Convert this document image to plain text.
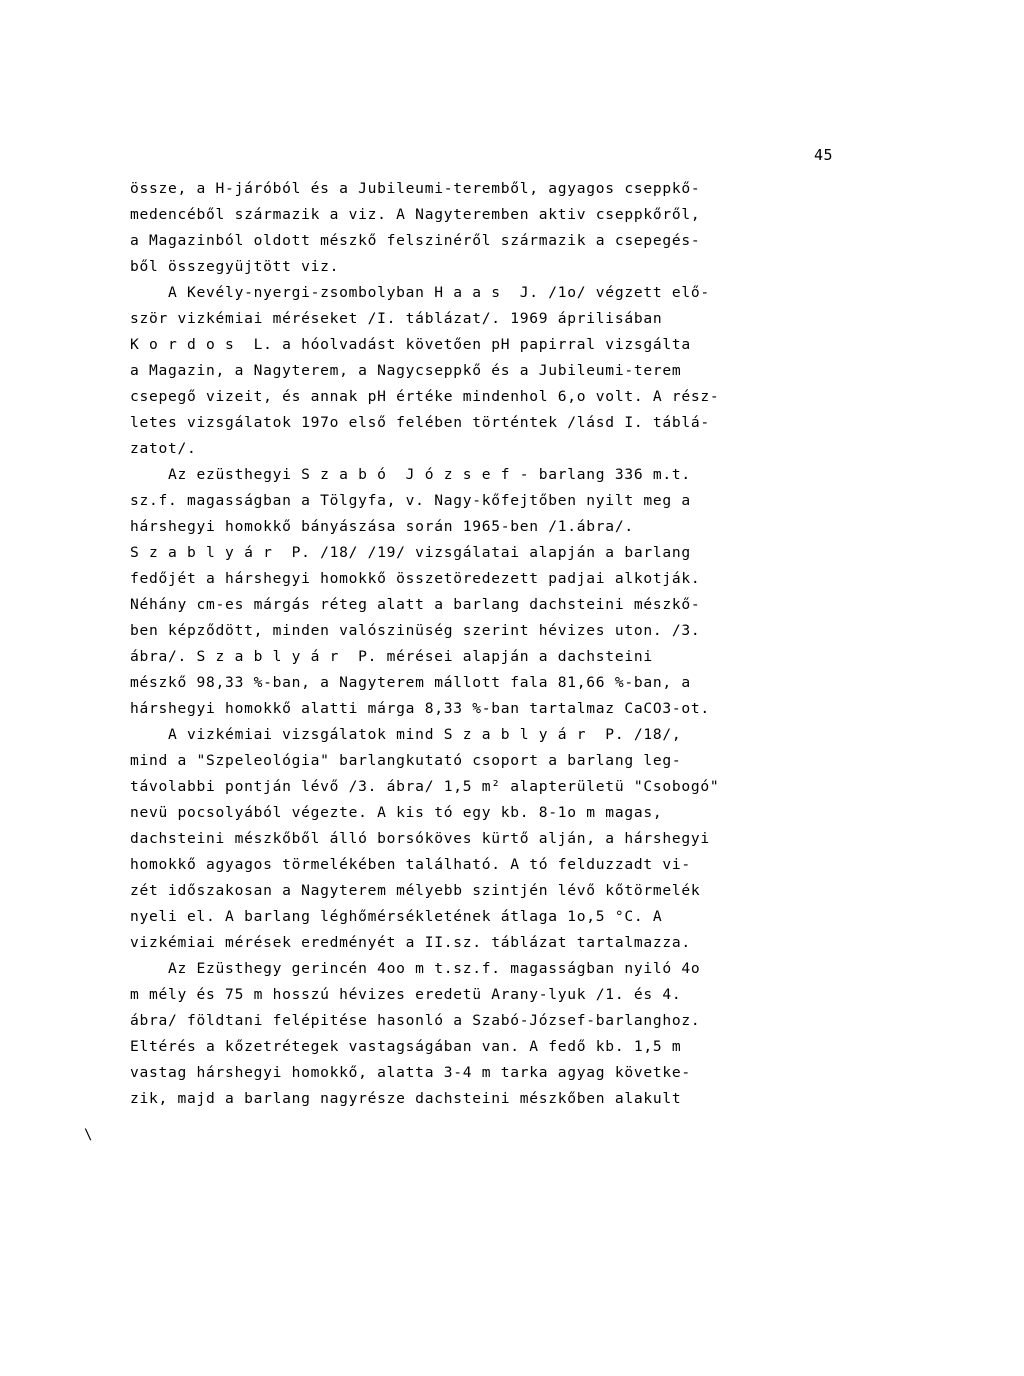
45
\
össze, a H-járóból és a Jubileumi-teremből, agyagos cseppkő-
medencéből származik a viz. A Nagyteremben aktiv cseppkőről,
a Magazinból oldott mészkő felszinéről származik a csepegés-
ből összegyüjtött viz.
A Kevély-nyergi-zsombolyban H a a s  J. /1o/ végzett elő-
ször vizkémiai méréseket /I. táblázat/. 1969 áprilisában
K o r d o s  L. a hóolvadást követően pH papirral vizsgálta
a Magazin, a Nagyterem, a Nagycseppkő és a Jubileumi-terem
csepegő vizeit, és annak pH értéke mindenhol 6,o volt. A rész-
letes vizsgálatok 197o első felében történtek /lásd I. táblá-
zatot/.
Az ezüsthegyi S z a b ó  J ó z s e f - barlang 336 m.t.
sz.f. magasságban a Tölgyfa, v. Nagy-kőfejtőben nyilt meg a
hárshegyi homokkő bányászása során 1965-ben /1.ábra/.
S z a b l y á r  P. /18/ /19/ vizsgálatai alapján a barlang
fedőjét a hárshegyi homokkő összetöredezett padjai alkotják.
Néhány cm-es márgás réteg alatt a barlang dachsteini mészkő-
ben képződött, minden valószinüség szerint hévizes uton. /3.
ábra/. S z a b l y á r  P. mérései alapján a dachsteini
mészkő 98,33 %-ban, a Nagyterem mállott fala 81,66 %-ban, a
hárshegyi homokkő alatti márga 8,33 %-ban tartalmaz CaCO3-ot.
A vizkémiai vizsgálatok mind S z a b l y á r  P. /18/,
mind a "Szpeleológia" barlangkutató csoport a barlang leg-
távolabbi pontján lévő /3. ábra/ 1,5 m² alapterületü "Csobogó"
nevü pocsolyából végezte. A kis tó egy kb. 8-1o m magas,
dachsteini mészkőből álló borsóköves kürtő alján, a hárshegyi
homokkő agyagos törmelékében található. A tó felduzzadt vi-
zét időszakosan a Nagyterem mélyebb szintjén lévő kőtörmelék
nyeli el. A barlang léghőmérsékletének átlaga 1o,5 °C. A
vizkémiai mérések eredményét a II.sz. táblázat tartalmazza.
Az Ezüsthegy gerincén 4oo m t.sz.f. magasságban nyiló 4o
m mély és 75 m hosszú hévizes eredetü Arany-lyuk /1. és 4.
ábra/ földtani felépitése hasonló a Szabó-József-barlanghoz.
Eltérés a kőzetrétegek vastagságában van. A fedő kb. 1,5 m
vastag hárshegyi homokkő, alatta 3-4 m tarka agyag követke-
zik, majd a barlang nagyrésze dachsteini mészkőben alakult
